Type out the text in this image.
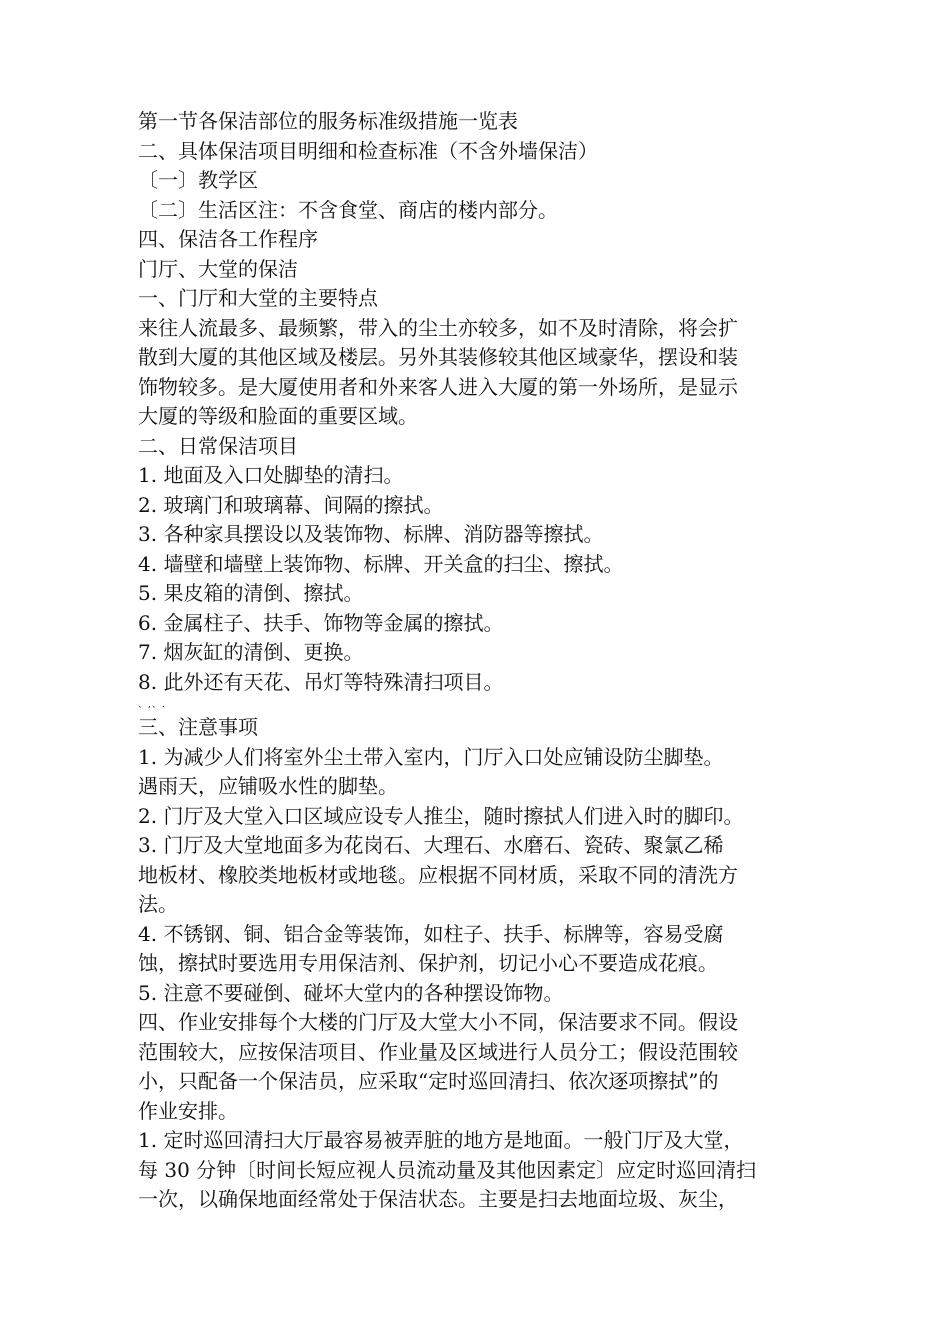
第一节各保洁部位的服务标准级措施一览表
二、具体保洁项目明细和检查标准（不含外墙保洁）
〔一〕教学区
〔二〕生活区注：不含食堂、商店的楼内部分。
四、保洁各工作程序
门厅、大堂的保洁
一、门厅和大堂的主要特点
来往人流最多、最频繁，带入的尘土亦较多，如不及时清除，将会扩
散到大厦的其他区域及楼层。另外其装修较其他区域豪华，摆设和装
饰物较多。是大厦使用者和外来客人进入大厦的第一外场所，是显示
大厦的等级和脸面的重要区域。
二、日常保洁项目
1. 地面及入口处脚垫的清扫。
2. 玻璃门和玻璃幕、间隔的擦拭。
3. 各种家具摆设以及装饰物、标牌、消防器等擦拭。
4. 墙壁和墙壁上装饰物、标牌、开关盒的扫尘、擦拭。
5. 果皮箱的清倒、擦拭。
6. 金属柱子、扶手、饰物等金属的擦拭。
7. 烟灰缸的清倒、更换。
8. 此外还有天花、吊灯等特殊清扫项目。
、,、.
三、注意事项
1. 为减少人们将室外尘土带入室内，门厅入口处应铺设防尘脚垫。
遇雨天，应铺吸水性的脚垫。
2. 门厅及大堂入口区域应设专人推尘，随时擦拭人们进入时的脚印。
3. 门厅及大堂地面多为花岗石、大理石、水磨石、瓷砖、聚氯乙稀
地板材、橡胶类地板材或地毯。应根据不同材质，采取不同的清洗方
法。
4. 不锈钢、铜、铝合金等装饰，如柱子、扶手、标牌等，容易受腐
蚀，擦拭时要选用专用保洁剂、保护剂，切记小心不要造成花痕。
5. 注意不要碰倒、碰坏大堂内的各种摆设饰物。
四、作业安排每个大楼的门厅及大堂大小不同，保洁要求不同。假设
范围较大，应按保洁项目、作业量及区域进行人员分工；假设范围较
小，只配备一个保洁员，应采取“定时巡回清扫、依次逐项擦拭”的
作业安排。
1. 定时巡回清扫大厅最容易被弄脏的地方是地面。一般门厅及大堂，
每 30 分钟〔时间长短应视人员流动量及其他因素定〕应定时巡回清扫
一次，以确保地面经常处于保洁状态。主要是扫去地面垃圾、灰尘，
